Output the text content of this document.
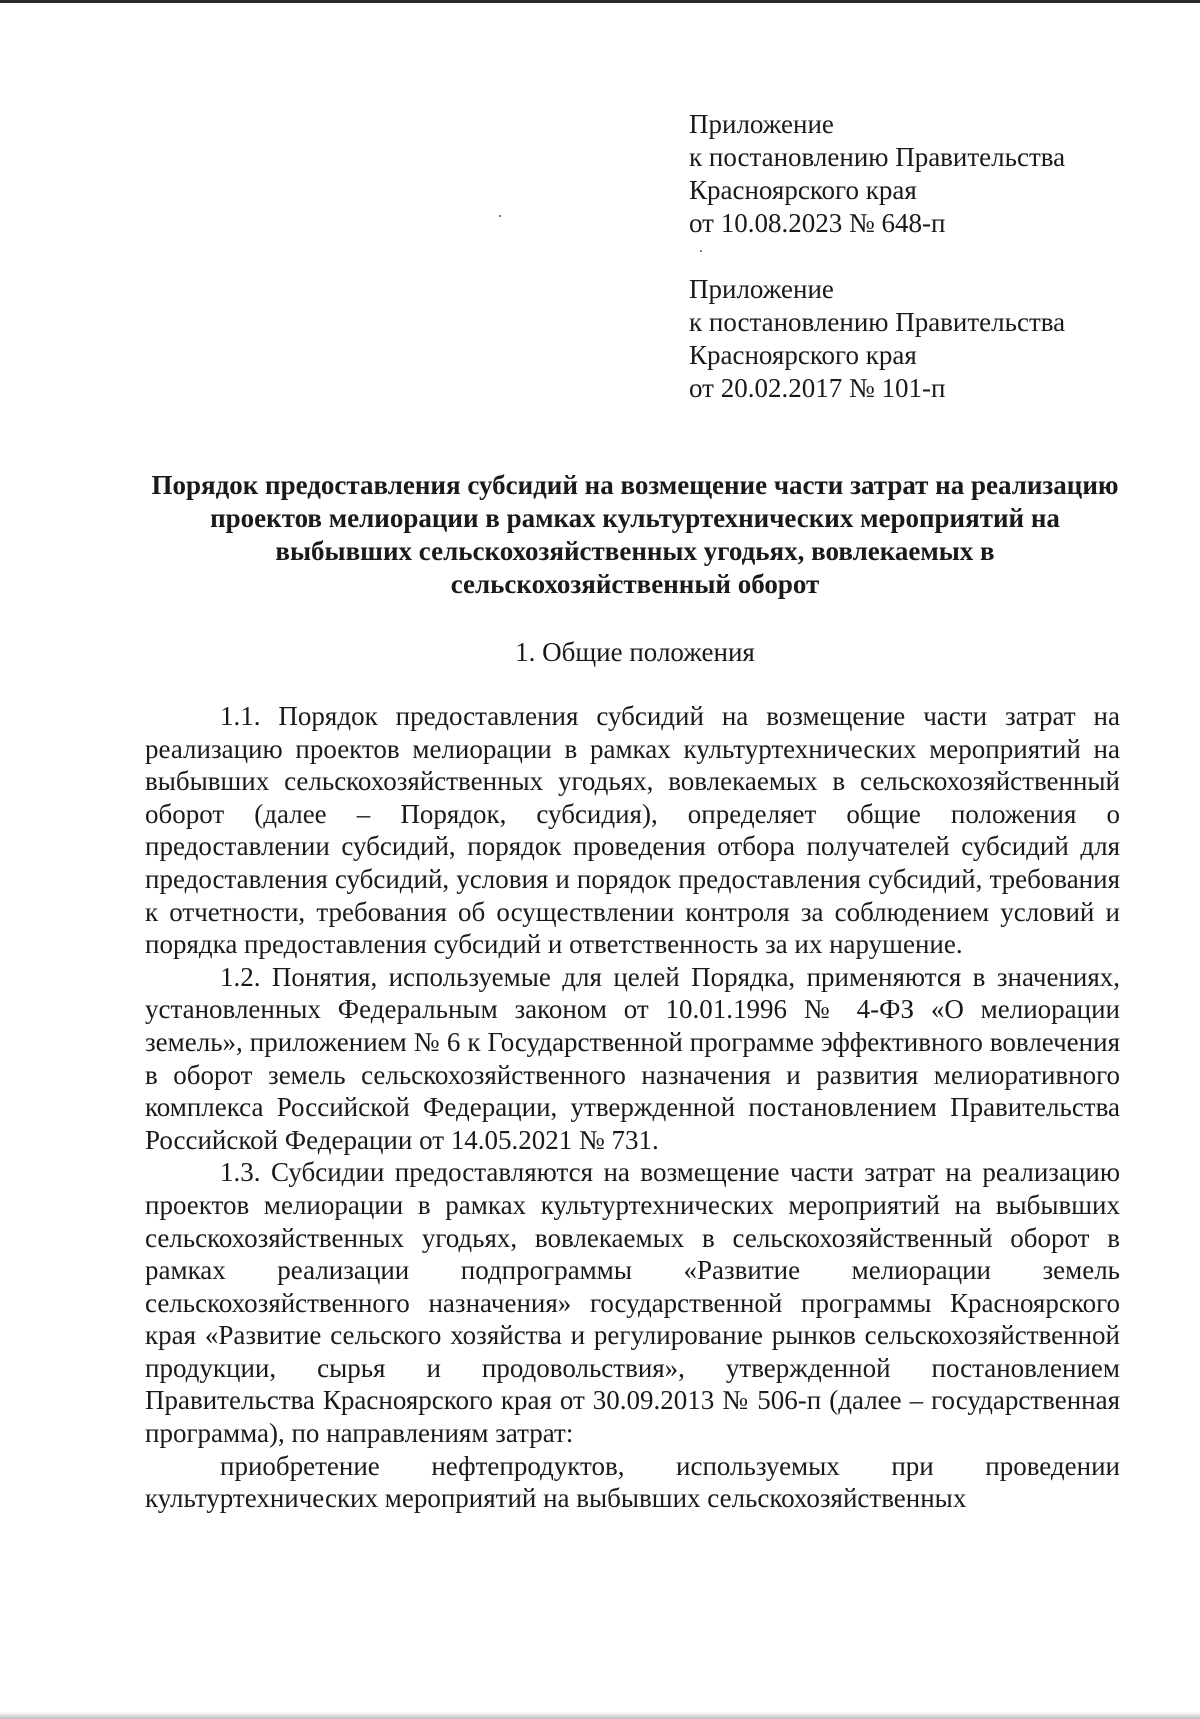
Приложение
к постановлению Правительства
Красноярского края
от 10.08.2023 № 648-п
Приложение
к постановлению Правительства
Красноярского края
от 20.02.2017 № 101-п
Порядок предоставления субсидий на возмещение части затрат на реализацию проектов мелиорации в рамках культуртехнических мероприятий на выбывших сельскохозяйственных угодьях, вовлекаемых в сельскохозяйственный оборот
1. Общие положения

1.1. Порядок предоставления субсидий на возмещение части затрат на реализацию проектов мелиорации в рамках культуртехнических мероприятий на выбывших сельскохозяйственных угодьях, вовлекаемых в сельскохозяйственный оборот (далее – Порядок, субсидия), определяет общие положения о предоставлении субсидий, порядок проведения отбора получателей субсидий для предоставления субсидий, условия и порядок предоставления субсидий, требования к отчетности, требования об осуществлении контроля за соблюдением условий и порядка предоставления субсидий и ответственность за их нарушение.

1.2. Понятия, используемые для целей Порядка, применяются в значениях, установленных Федеральным законом от 10.01.1996 № 4-ФЗ «О мелиорации земель», приложением № 6 к Государственной программе эффективного вовлечения в оборот земель сельскохозяйственного назначения и развития мелиоративного комплекса Российской Федерации, утвержденной постановлением Правительства Российской Федерации от 14.05.2021 № 731.

1.3. Субсидии предоставляются на возмещение части затрат на реализацию проектов мелиорации в рамках культуртехнических мероприятий на выбывших сельскохозяйственных угодьях, вовлекаемых в сельскохозяйственный оборот в рамках реализации подпрограммы «Развитие мелиорации земель сельскохозяйственного назначения» государственной программы Красноярского края «Развитие сельского хозяйства и регулирование рынков сельскохозяйственной продукции, сырья и продовольствия», утвержденной постановлением Правительства Красноярского края от 30.09.2013 № 506-п (далее – государственная программа), по направлениям затрат:

приобретение нефтепродуктов, используемых при проведении культуртехнических мероприятий на выбывших сельскохозяйственных
